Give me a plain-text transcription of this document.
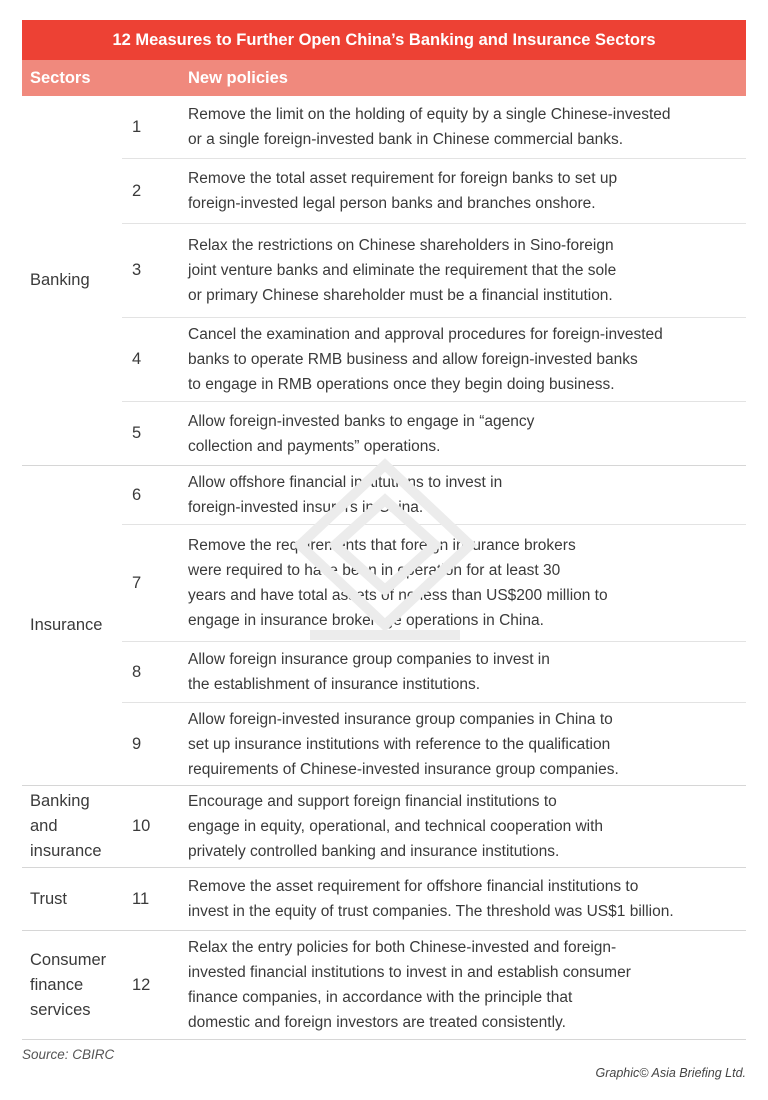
12 Measures to Further Open China’s Banking and Insurance Sectors
Sectors	New policies
Banking
1
Remove the limit on the holding of equity by a single Chinese-invested
or a single foreign-invested bank in Chinese commercial banks.
2
Remove the total asset requirement for foreign banks to set up
foreign-invested legal person banks and branches onshore.
3
Relax the restrictions on Chinese shareholders in Sino-foreign
joint venture banks and eliminate the requirement that the sole
or primary Chinese shareholder must be a financial institution.
4
Cancel the examination and approval procedures for foreign-invested
banks to operate RMB business and allow foreign-invested banks
to engage in RMB operations once they begin doing business.
5
Allow foreign-invested banks to engage in “agency
collection and payments” operations.
Insurance
6
Allow offshore financial institutions to invest in
foreign-invested insurers in China.
7
Remove the requirements that foreign insurance brokers
were required to have been in operation for at least 30
years and have total assets of no less than US$200 million to
engage in insurance brokerage operations in China.
8
Allow foreign insurance group companies to invest in
the establishment of insurance institutions.
9
Allow foreign-invested insurance group companies in China to
set up insurance institutions with reference to the qualification
requirements of Chinese-invested insurance group companies.
Banking
and
insurance
10
Encourage and support foreign financial institutions to
engage in equity, operational, and technical cooperation with
privately controlled banking and insurance institutions.
Trust	11
Remove the asset requirement for offshore financial institutions to
invest in the equity of trust companies. The threshold was US$1 billion.
Consumer
finance
services
12
Relax the entry policies for both Chinese-invested and foreign-
invested financial institutions to invest in and establish consumer
finance companies, in accordance with the principle that
domestic and foreign investors are treated consistently.
Source: CBIRC
Graphic© Asia Briefing Ltd.
